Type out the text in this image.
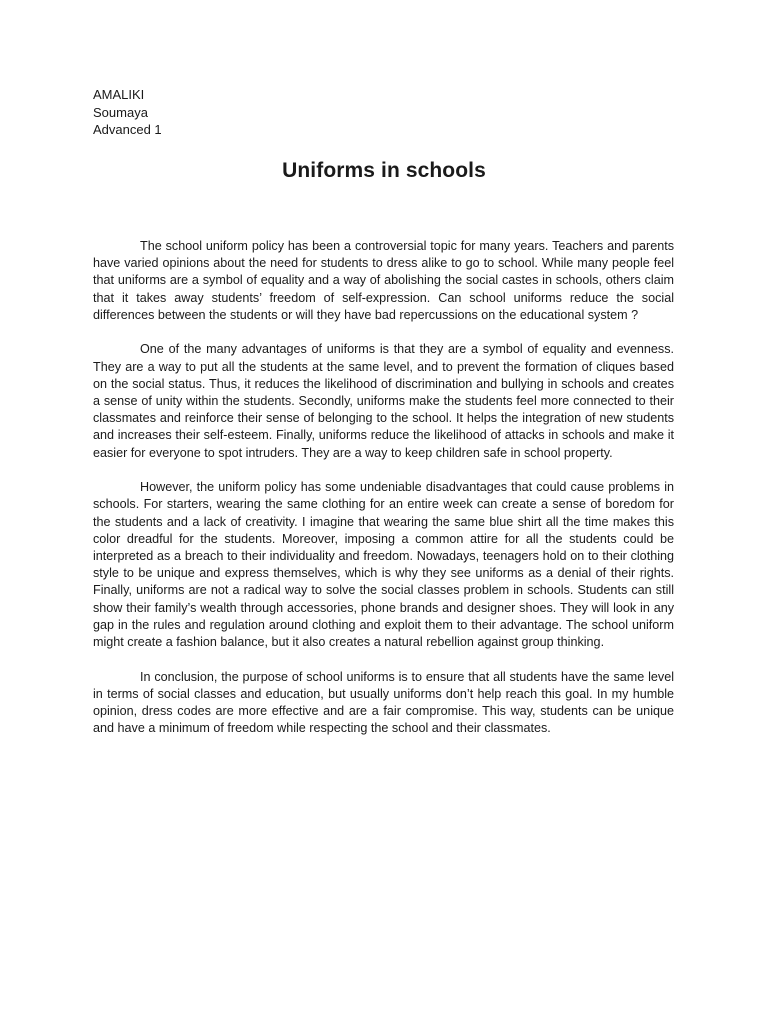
AMALIKI
Soumaya
Advanced 1
Uniforms in schools

The school uniform policy has been a controversial topic for many years. Teachers and parents have varied opinions about the need for students to dress alike to go to school. While many people feel that uniforms are a symbol of equality and a way of abolishing the social castes in schools, others claim that it takes away students’ freedom of self-expression. Can school uniforms reduce the social differences between the students or will they have bad repercussions on the educational system ?

One of the many advantages of uniforms is that they are a symbol of equality and evenness. They are a way to put all the students at the same level, and to prevent the formation of cliques based on the social status. Thus, it reduces the likelihood of discrimination and bullying in schools and creates a sense of unity within the students. Secondly, uniforms make the students feel more connected to their classmates and reinforce their sense of belonging to the school. It helps the integration of new students and increases their self-esteem. Finally, uniforms reduce the likelihood of attacks in schools and make it easier for everyone to spot intruders. They are a way to keep children safe in school property.

However, the uniform policy has some undeniable disadvantages that could cause problems in schools. For starters, wearing the same clothing for an entire week can create a sense of boredom for the students and a lack of creativity. I imagine that wearing the same blue shirt all the time makes this color dreadful for the students. Moreover, imposing a common attire for all the students could be interpreted as a breach to their individuality and freedom. Nowadays, teenagers hold on to their clothing style to be unique and express themselves, which is why they see uniforms as a denial of their rights. Finally, uniforms are not a radical way to solve the social classes problem in schools. Students can still show their family’s wealth through accessories, phone brands and designer shoes. They will look in any gap in the rules and regulation around clothing and exploit them to their advantage. The school uniform might create a fashion balance, but it also creates a natural rebellion against group thinking.

In conclusion, the purpose of school uniforms is to ensure that all students have the same level in terms of social classes and education, but usually uniforms don’t help reach this goal. In my humble opinion, dress codes are more effective and are a fair compromise. This way, students can be unique and have a minimum of freedom while respecting the school and their classmates.
